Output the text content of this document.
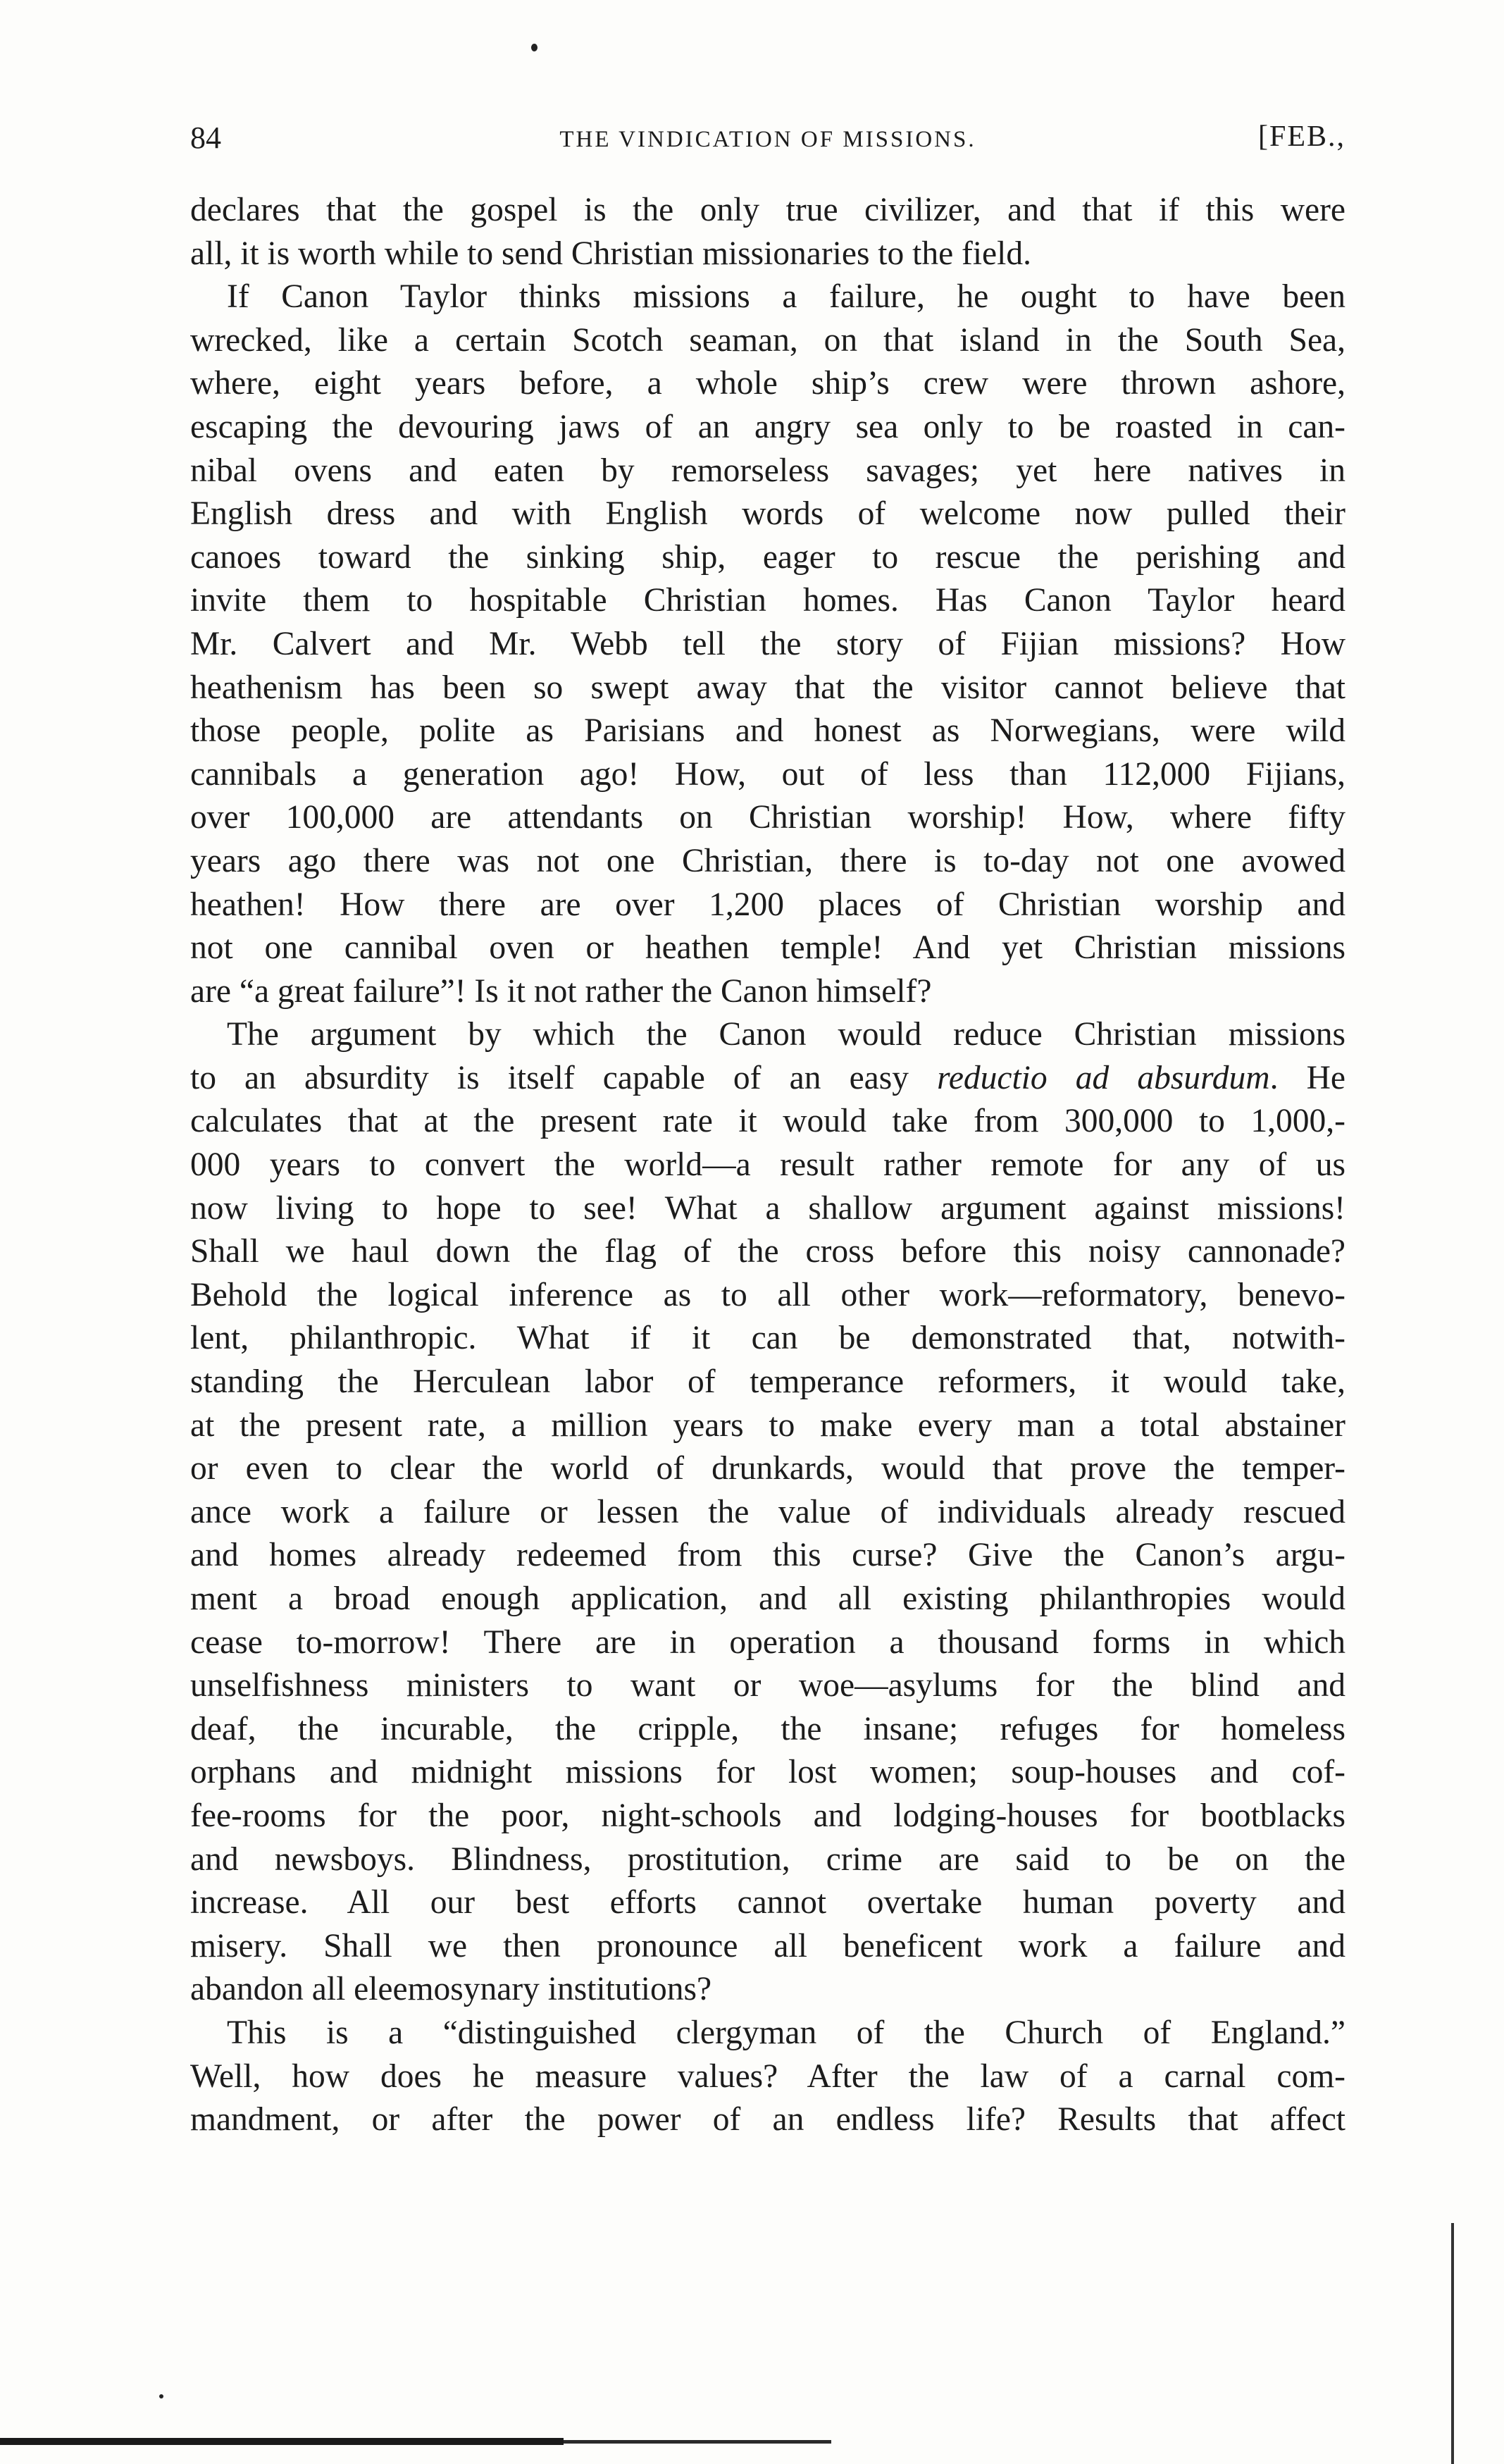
84	THE VINDICATION OF MISSIONS.	[FEB.,
declares that the gospel is the only true civilizer, and that if this were
all, it is worth while to send Christian missionaries to the field.
If Canon Taylor thinks missions a failure, he ought to have been
wrecked, like a certain Scotch seaman, on that island in the South Sea,
where, eight years before, a whole ship’s crew were thrown ashore,
escaping the devouring jaws of an angry sea only to be roasted in can-
nibal ovens and eaten by remorseless savages; yet here natives in
English dress and with English words of welcome now pulled their
canoes toward the sinking ship, eager to rescue the perishing and
invite them to hospitable Christian homes. Has Canon Taylor heard
Mr. Calvert and Mr. Webb tell the story of Fijian missions? How
heathenism has been so swept away that the visitor cannot believe that
those people, polite as Parisians and honest as Norwegians, were wild
cannibals a generation ago! How, out of less than 112,000 Fijians,
over 100,000 are attendants on Christian worship! How, where fifty
years ago there was not one Christian, there is to-day not one avowed
heathen! How there are over 1,200 places of Christian worship and
not one cannibal oven or heathen temple! And yet Christian missions
are “a great failure”! Is it not rather the Canon himself?
The argument by which the Canon would reduce Christian missions
to an absurdity is itself capable of an easy reductio ad absurdum. He
calculates that at the present rate it would take from 300,000 to 1,000,-
000 years to convert the world—a result rather remote for any of us
now living to hope to see! What a shallow argument against missions!
Shall we haul down the flag of the cross before this noisy cannonade?
Behold the logical inference as to all other work—reformatory, benevo-
lent, philanthropic. What if it can be demonstrated that, notwith-
standing the Herculean labor of temperance reformers, it would take,
at the present rate, a million years to make every man a total abstainer
or even to clear the world of drunkards, would that prove the temper-
ance work a failure or lessen the value of individuals already rescued
and homes already redeemed from this curse? Give the Canon’s argu-
ment a broad enough application, and all existing philanthropies would
cease to-morrow! There are in operation a thousand forms in which
unselfishness ministers to want or woe—asylums for the blind and
deaf, the incurable, the cripple, the insane; refuges for homeless
orphans and midnight missions for lost women; soup-houses and cof-
fee-rooms for the poor, night-schools and lodging-houses for bootblacks
and newsboys. Blindness, prostitution, crime are said to be on the
increase. All our best efforts cannot overtake human poverty and
misery. Shall we then pronounce all beneficent work a failure and
abandon all eleemosynary institutions?
This is a “distinguished clergyman of the Church of England.”
Well, how does he measure values? After the law of a carnal com-
mandment, or after the power of an endless life? Results that affect
